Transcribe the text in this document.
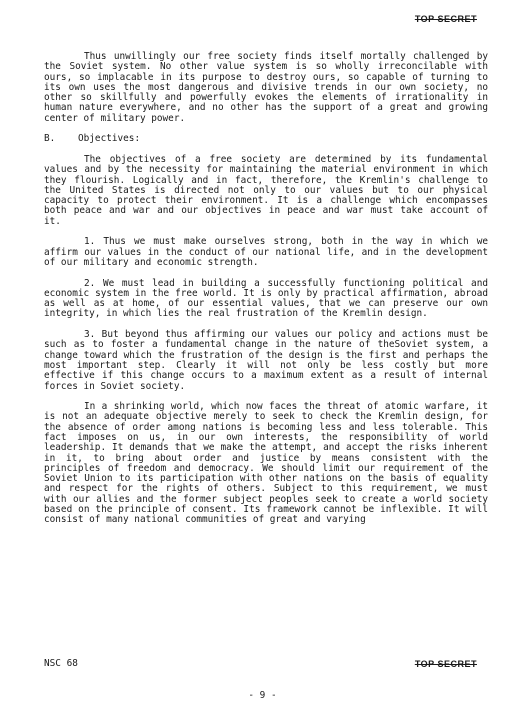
TOP SECRET

Thus unwillingly our free society finds itself mortally challenged by the Soviet system. No other value system is so wholly irreconcilable with ours, so implacable in its purpose to destroy ours, so capable of turning to its own uses the most dangerous and divisive trends in our own society, no other so skillfully and powerfully evokes the elements of irrationality in human nature everywhere, and no other has the support of a great and growing center of military power.

B. Objectives:

The objectives of a free society are determined by its fundamental values and by the necessity for maintaining the material environment in which they flourish. Logically and in fact, therefore, the Kremlin's challenge to the United States is directed not only to our values but to our physical capacity to protect their environment. It is a challenge which encompasses both peace and war and our objectives in peace and war must take account of it.

1. Thus we must make ourselves strong, both in the way in which we affirm our values in the conduct of our national life, and in the development of our military and economic strength.

2. We must lead in building a successfully functioning political and economic system in the free world. It is only by practical affirmation, abroad as well as at home, of our essential values, that we can preserve our own integrity, in which lies the real frustration of the Kremlin design.

3. But beyond thus affirming our values our policy and actions must be such as to foster a fundamental change in the nature of theSoviet system, a change toward which the frustration of the design is the first and perhaps the most important step. Clearly it will not only be less costly but more effective if this change occurs to a maximum extent as a result of internal forces in Soviet society.

In a shrinking world, which now faces the threat of atomic warfare, it is not an adequate objective merely to seek to check the Kremlin design, for the absence of order among nations is becoming less and less tolerable. This fact imposes on us, in our own interests, the responsibility of world leadership. It demands that we make the attempt, and accept the risks inherent in it, to bring about order and justice by means consistent with the principles of freedom and democracy. We should limit our requirement of the Soviet Union to its participation with other nations on the basis of equality and respect for the rights of others. Subject to this requirement, we must with our allies and the former subject peoples seek to create a world society based on the principle of consent. Its framework cannot be inflexible. It will consist of many national communities of great and varying

NSC 68	TOP SECRET
- 9 -
